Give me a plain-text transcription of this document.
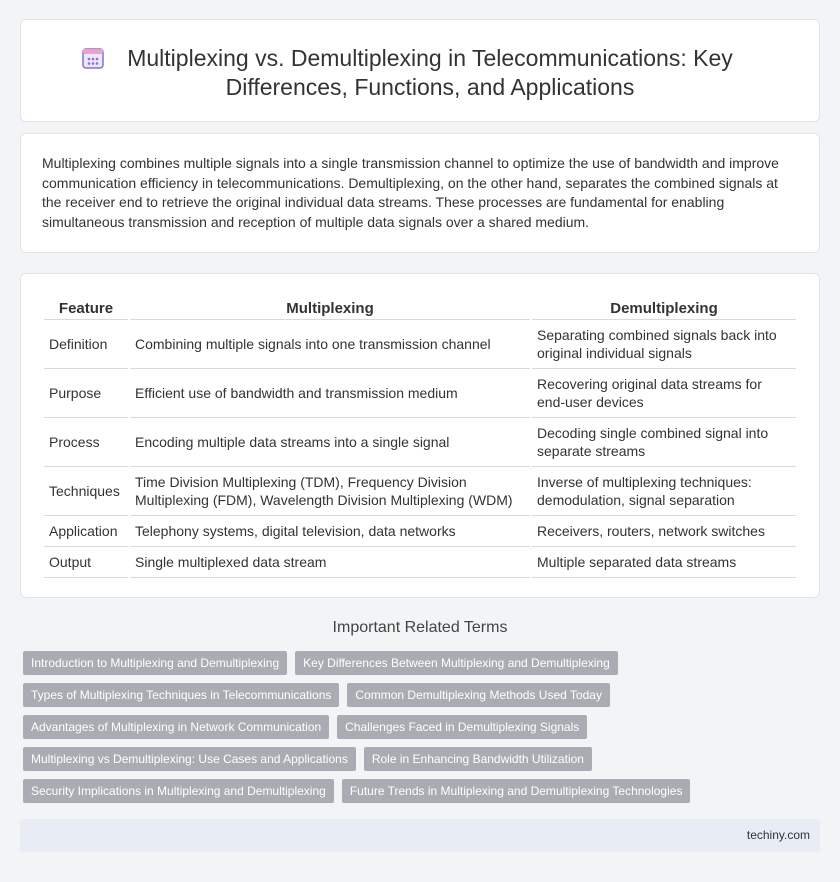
Multiplexing vs. Demultiplexing in Telecommunications: Key Differences, Functions, and Applications

Multiplexing combines multiple signals into a single transmission channel to optimize the use of bandwidth and improve communication efficiency in telecommunications. Demultiplexing, on the other hand, separates the combined signals at the receiver end to retrieve the original individual data streams. These processes are fundamental for enabling simultaneous transmission and reception of multiple data signals over a shared medium.

Feature	Multiplexing	Demultiplexing
Definition	Combining multiple signals into one transmission channel	Separating combined signals back into original individual signals
Purpose	Efficient use of bandwidth and transmission medium	Recovering original data streams for end-user devices
Process	Encoding multiple data streams into a single signal	Decoding single combined signal into separate streams
Techniques	Time Division Multiplexing (TDM), Frequency Division Multiplexing (FDM), Wavelength Division Multiplexing (WDM)	Inverse of multiplexing techniques: demodulation, signal separation
Application	Telephony systems, digital television, data networks	Receivers, routers, network switches
Output	Single multiplexed data stream	Multiple separated data streams
Important Related Terms
Introduction to Multiplexing and Demultiplexing	Key Differences Between Multiplexing and Demultiplexing
Types of Multiplexing Techniques in Telecommunications	Common Demultiplexing Methods Used Today
Advantages of Multiplexing in Network Communication	Challenges Faced in Demultiplexing Signals
Multiplexing vs Demultiplexing: Use Cases and Applications	Role in Enhancing Bandwidth Utilization
Security Implications in Multiplexing and Demultiplexing	Future Trends in Multiplexing and Demultiplexing Technologies
techiny.com
